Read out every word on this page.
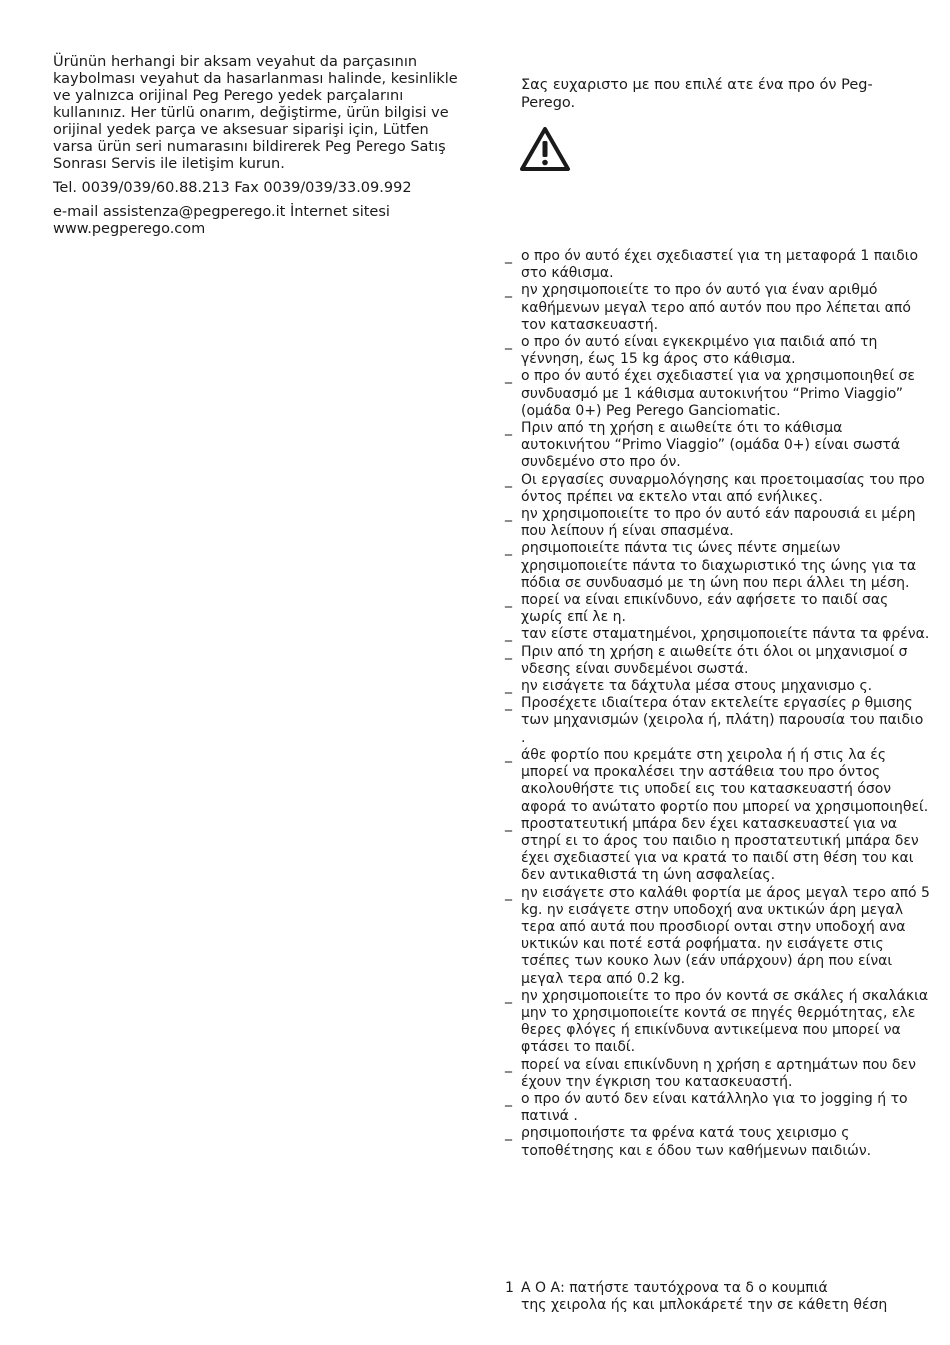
Ürünün herhangi bir aksam veyahut da parçasının kaybolması veyahut da hasarlanması halinde, kesinlikle ve yalnızca orijinal Peg Perego yedek parçalarını kullanınız. Her türlü onarım, değiştirme, ürün bilgisi ve orijinal yedek parça ve aksesuar siparişi için, Lütfen varsa ürün seri numarasını bildirerek Peg Perego Satış Sonrası Servis ile iletişim kurun.

Tel. 0039/039/60.88.213 Fax 0039/039/33.09.992

e-mail assistenza@pegperego.it İnternet sitesi www.pegperego.com

Σας ευχαριστο με που επιλέ ατε ένα προ όν Peg-Perego.

_ ο προ όν αυτό έχει σχεδιαστεί για τη μεταφορά 1 παιδιο στο κάθισμα.
_ ην χρησιμοποιείτε το προ όν αυτό για έναν αριθμό καθήμενων μεγαλ τερο από αυτόν που προ λέπεται από τον κατασκευαστή.
_ ο προ όν αυτό είναι εγκεκριμένο για παιδιά από τη γέννηση, έως 15 kg άρος στο κάθισμα.
_ ο προ όν αυτό έχει σχεδιαστεί για να χρησιμοποιηθεί σε συνδυασμό με 1 κάθισμα αυτοκινήτου “Primo Viaggio” (ομάδα 0+) Peg Perego Ganciomatic.
_ Πριν από τη χρήση ε αιωθείτε ότι το κάθισμα αυτοκινήτου “Primo Viaggio” (ομάδα 0+) είναι σωστά συνδεμένο στο προ όν.
_ Οι εργασίες συναρμολόγησης και προετοιμασίας του προ όντος πρέπει να εκτελο νται από ενήλικες.
_ ην χρησιμοποιείτε το προ όν αυτό εάν παρουσιά ει μέρη που λείπουν ή είναι σπασμένα.
_ ρησιμοποιείτε πάντα τις ώνες πέντε σημείων χρησιμοποιείτε πάντα το διαχωριστικό της ώνης για τα πόδια σε συνδυασμό με τη ώνη που περι άλλει τη μέση.
_ πορεί να είναι επικίνδυνο, εάν αφήσετε το παιδί σας χωρίς επί λε η.
_ ταν είστε σταματημένοι, χρησιμοποιείτε πάντα τα φρένα.
_ Πριν από τη χρήση ε αιωθείτε ότι όλοι οι μηχανισμοί σ νδεσης είναι συνδεμένοι σωστά.
_ ην εισάγετε τα δάχτυλα μέσα στους μηχανισμο ς.
_ Προσέχετε ιδιαίτερα όταν εκτελείτε εργασίες ρ θμισης των μηχανισμών (χειρολα ή, πλάτη) παρουσία του παιδιο .
_ άθε φορτίο που κρεμάτε στη χειρολα ή ή στις λα ές μπορεί να προκαλέσει την αστάθεια του προ όντος ακολουθήστε τις υποδεί εις του κατασκευαστή όσον αφορά το ανώτατο φορτίο που μπορεί να χρησιμοποιηθεί.
_ προστατευτική μπάρα δεν έχει κατασκευαστεί για να στηρί ει το άρος του παιδιο η προστατευτική μπάρα δεν έχει σχεδιαστεί για να κρατά το παιδί στη θέση του και δεν αντικαθιστά τη ώνη ασφαλείας.
_ ην εισάγετε στο καλάθι φορτία με άρος μεγαλ τερο από 5 kg. ην εισάγετε στην υποδοχή ανα υκτικών άρη μεγαλ τερα από αυτά που προσδιορί ονται στην υποδοχή ανα υκτικών και ποτέ εστά ροφήματα. ην εισάγετε στις τσέπες των κουκο λων (εάν υπάρχουν) άρη που είναι μεγαλ τερα από 0.2 kg.
_ ην χρησιμοποιείτε το προ όν κοντά σε σκάλες ή σκαλάκια μην το χρησιμοποιείτε κοντά σε πηγές θερμότητας, ελε θερες φλόγες ή επικίνδυνα αντικείμενα που μπορεί να φτάσει το παιδί.
_ πορεί να είναι επικίνδυνη η χρήση ε αρτημάτων που δεν έχουν την έγκριση του κατασκευαστή.
_ ο προ όν αυτό δεν είναι κατάλληλο για το jogging ή το πατινά .
_ ρησιμοποιήστε τα φρένα κατά τους χειρισμο ς τοποθέτησης και ε όδου των καθήμενων παιδιών.
1 Α Ο Α: πατήστε ταυτόχρονα τα δ ο κουμπιά
της χειρολα ής και μπλοκάρετέ την σε κάθετη θέση
